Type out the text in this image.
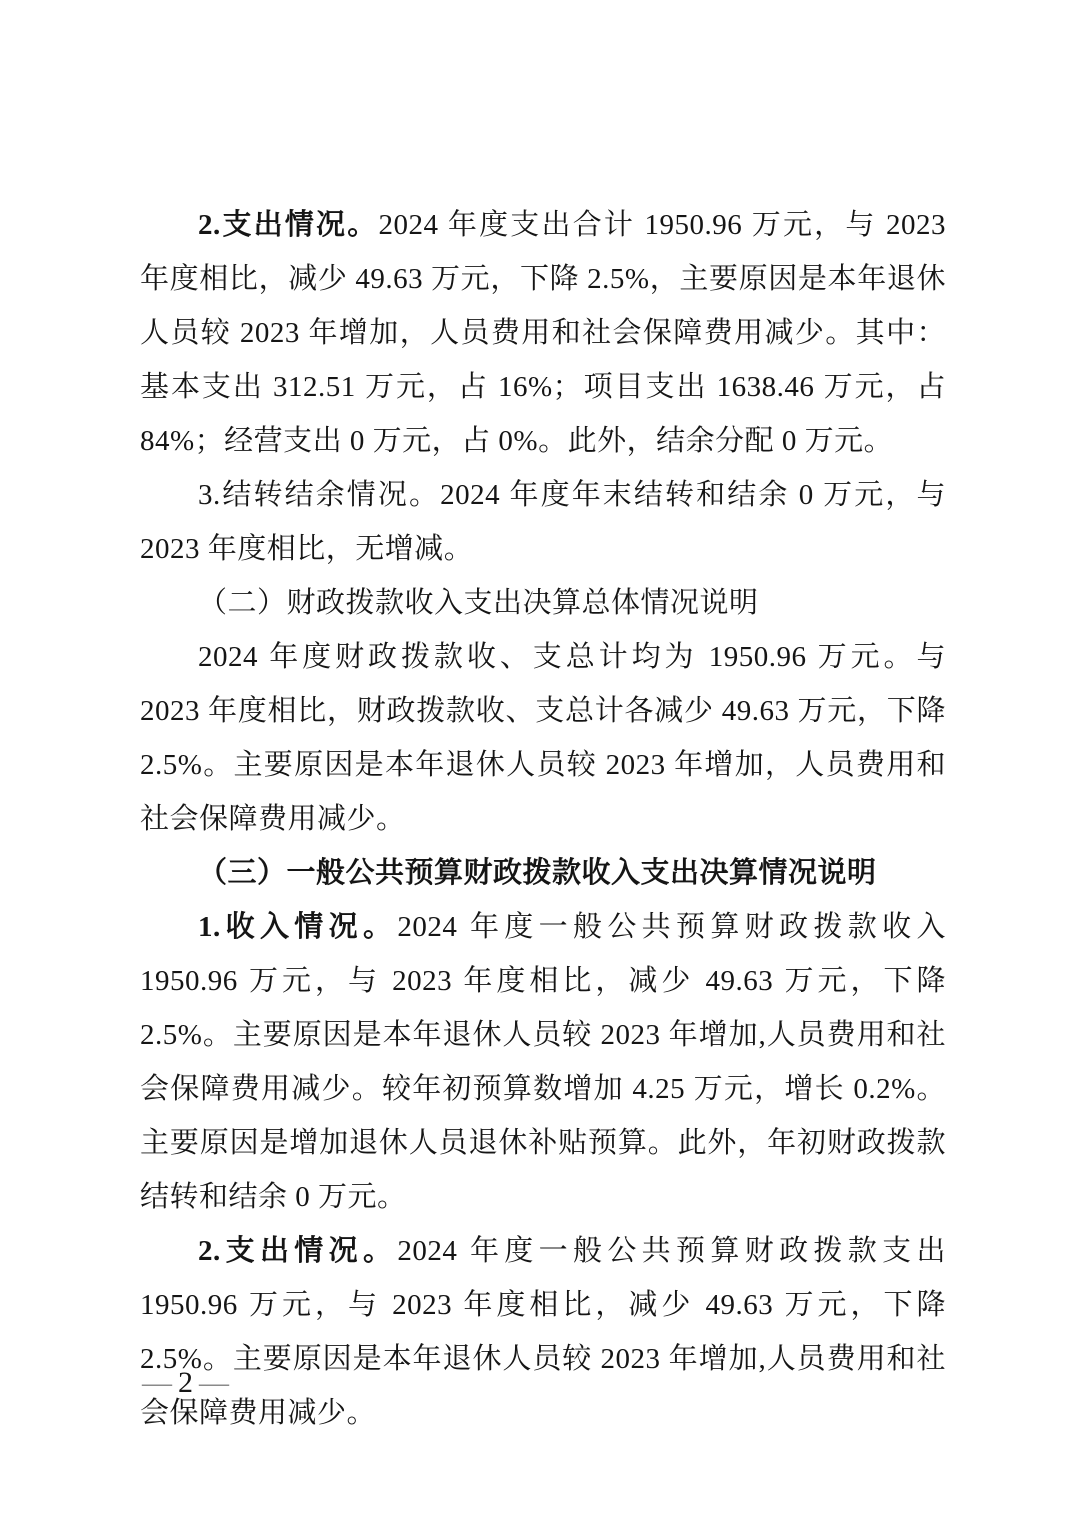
2.支出情况。2024 年度支出合计 1950.96 万元，与 2023 年度相比，减少 49.63 万元，下降 2.5%，主要原因是本年退休人员较 2023 年增加，人员费用和社会保障费用减少。其中：基本支出 312.51 万元，占 16%；项目支出 1638.46 万元，占 84%；经营支出 0 万元，占 0%。此外，结余分配 0 万元。

3.结转结余情况。2024 年度年末结转和结余 0 万元，与 2023 年度相比，无增减。

（二）财政拨款收入支出决算总体情况说明

2024 年度财政拨款收、支总计均为 1950.96 万元。与 2023 年度相比，财政拨款收、支总计各减少 49.63 万元，下降 2.5%。主要原因是本年退休人员较 2023 年增加，人员费用和社会保障费用减少。

（三）一般公共预算财政拨款收入支出决算情况说明

1.收入情况。2024 年度一般公共预算财政拨款收入 1950.96 万元，与 2023 年度相比，减少 49.63 万元，下降 2.5%。主要原因是本年退休人员较 2023 年增加,人员费用和社会保障费用减少。较年初预算数增加 4.25 万元，增长 0.2%。主要原因是增加退休人员退休补贴预算。此外，年初财政拨款结转和结余 0 万元。

2.支出情况。2024 年度一般公共预算财政拨款支出 1950.96 万元，与 2023 年度相比，减少 49.63 万元，下降 2.5%。主要原因是本年退休人员较 2023 年增加,人员费用和社会保障费用减少。

— 2 —
